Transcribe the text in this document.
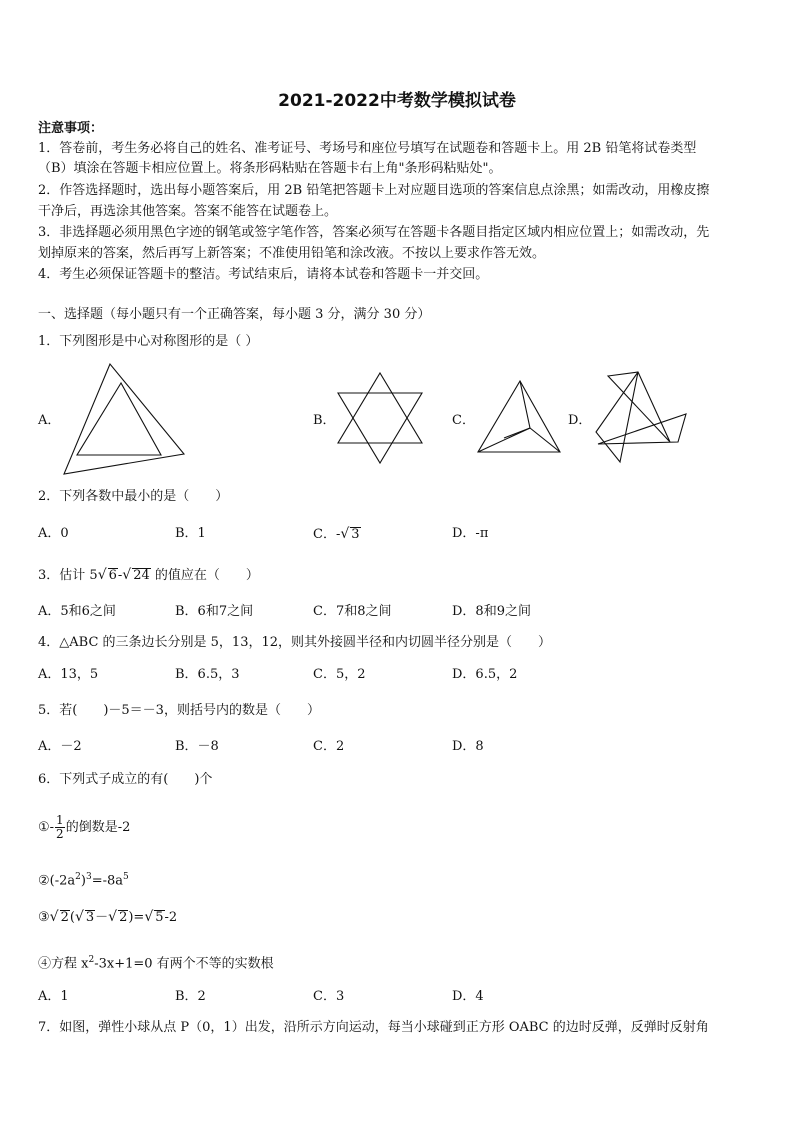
2021-2022中考数学模拟试卷
注意事项：
1．答卷前，考生务必将自己的姓名、准考证号、考场号和座位号填写在试题卷和答题卡上。用 2B 铅笔将试卷类型
（B）填涂在答题卡相应位置上。将条形码粘贴在答题卡右上角"条形码粘贴处"。
2．作答选择题时，选出每小题答案后，用 2B 铅笔把答题卡上对应题目选项的答案信息点涂黑；如需改动，用橡皮擦
干净后，再选涂其他答案。答案不能答在试题卷上。
3．非选择题必须用黑色字迹的钢笔或签字笔作答，答案必须写在答题卡各题目指定区域内相应位置上；如需改动，先
划掉原来的答案，然后再写上新答案；不准使用铅笔和涂改液。不按以上要求作答无效。
4．考生必须保证答题卡的整洁。考试结束后，请将本试卷和答题卡一并交回。
一、选择题（每小题只有一个正确答案，每小题 3 分，满分 30 分）
1．下列图形是中心对称图形的是（ ）
A．	B．	C．	D．
2．下列各数中最小的是（　　）
A．0	B．1	C．-√ 3	D．-π
3．估计 5√ 6-√ 24 的值应在（　　）
A．5和6之间	B．6和7之间	C．7和8之间	D．8和9之间
4．△ABC 的三条边长分别是 5，13，12，则其外接圆半径和内切圆半径分别是（　　）
A．13，5	B．6.5，3	C．5，2	D．6.5，2
5．若(　　)－5＝－3，则括号内的数是（　　）
A．－2	B．－8	C．2	D．8
6．下列式子成立的有(　　)个
①- $\frac{1}{2}$ 的倒数是-2
$②(-2a^2)^3=-8a^5$
③√ 2(√ 3－√ 2)=√ 5-2
④方程 $x^2-3x+1=0$ 有两个不等的实数根
A．1	B．2	C．3	D．4
7．如图，弹性小球从点 P（0，1）出发，沿所示方向运动，每当小球碰到正方形 OABC 的边时反弹，反弹时反射角
